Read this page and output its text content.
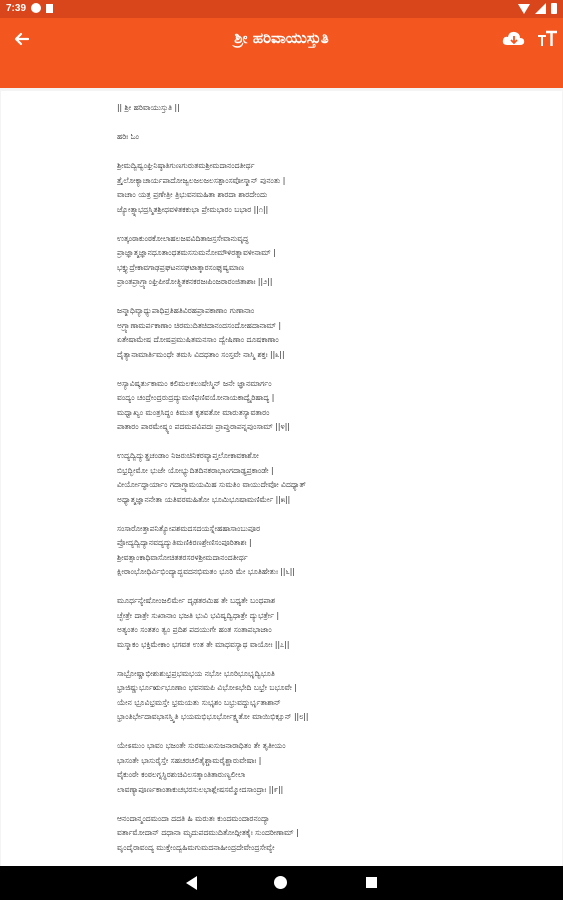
7:39
ಶ್ರೀ ಹರಿವಾಯುಸ್ತುತಿ
|| ಶ್ರೀ ಹರಿವಾಯುಸ್ತುತಿ ||
ಹರಿಃ ಓಂ
ಶ್ರೀಮದ್ವಿಷ್ವಂಘ್ರಿನಿಷ್ಠಾತಿಗುಣಗುರುತಮಶ್ರೀಮದಾನಂದತೀರ್ಥ
ತ್ರೈಲೋಕ್ಯಾಚಾರ್ಯಪಾದೋಜ್ವಲಜಲಜಲಸತ್ಪಾಂಸವೋಸ್ಮಾನ್ ಪುನಂತು |
ವಾಚಾಂ ಯತ್ರ ಪ್ರಣೇತ್ರೀ ತ್ರಿಭುವನಮಹಿತಾ ಶಾರದಾ ಶಾರದೇಂದು
ಜ್ಯೋತ್ಸ್ನಾಭದ್ರಸ್ಮಿತಶ್ರೀಧವಳಿತಕಕುಭಾ ಪ್ರೇಮಭಾರಂ ಬಭಾರ ||೧||
ಉತ್ಕಂಠಾಕುಂಠಕೋಲಾಹಲಜವವಿದಿತಾಜಸ್ರಸೇವಾನುವೃದ್ಧ
ಪ್ರಾಜ್ಞಾತ್ಮಜ್ಞಾನಧೂತಾಂಧತಮಸಸುಮನೋಮೌಳಿರತ್ನಾವಳೀನಾಮ್ |
ಭಕ್ತ್ಯುದ್ರೇಕಾವಗಾಢಪ್ರಘಟನಸಘಟಾತ್ಕಾರಸಂಘೃಷ್ಯಮಾಣ
ಪ್ರಾಂತಪ್ರಾಗ್ರ್ಯಾಂಘ್ರಿಪೀಠೋತ್ಥಿತಕನಕರಜಃಪಿಂಜರಾರಂಜಿತಾಶಾಃ ||೨||
ಜನ್ಮಾಧಿವ್ಯಾಧ್ಯುಪಾಧಿಪ್ರತಿಹತಿವಿರಹಪ್ರಾಪಕಾಣಾಂ ಗುಣಾನಾಂ
ಅಗ್ರ್ಯಾಣಾಮರ್ಪಕಾಣಾಂ ಚಿರಮುದಿತಚಿದಾನಂದಸಂದೋಹದಾನಾಮ್ |
ಏತೇಷಾಮೇಷ ದೋಷಪ್ರಮುಷಿತಮನಸಾಂ ದ್ವೇಷಿಣಾಂ ದೂಷಕಾಣಾಂ
ದೈತ್ಯಾನಾಮಾರ್ತಿಮಂಧೇ ತಮಸಿ ವಿದಧತಾಂ ಸಂಸ್ತವೇ ನಾಸ್ಮಿ ಶಕ್ತಃ ||೩||
ಅಸ್ಯಾವಿಷ್ಕರ್ತುಕಾಮಂ ಕಲಿಮಲಕಲುಷೇಸ್ಮಿನ್ ಜನೇ ಜ್ಞಾನಮಾರ್ಗಂ
ವಂದ್ಯಂ ಚಂದ್ರೇಂದ್ರರುದ್ರದ್ಯುಮಣಿಫಣಿವಯೋನಾಯಕಾದ್ಯೈರಿಹಾದ್ಯ |
ಮಧ್ವಾಖ್ಯಂ ಮಂತ್ರಸಿದ್ಧಂ ಕಿಮುತ ಕೃತವತೋ ಮಾರುತಸ್ಯಾವತಾರಂ
ಪಾತಾರಂ ಪಾರಮೇಷ್ಠ್ಯಂ ಪದಮಪವಿಪದಃ ಪ್ರಾಪ್ತುರಾಪನ್ನಪುಂಸಾಮ್ ||೪||
ಉದ್ಯದ್ವಿದ್ಯುತ್ಪ್ರಚಂಡಾಂ ನಿಜರುಚಿನಿಕರವ್ಯಾಪ್ತಲೋಕಾವಕಾಶೋ
ಬಿಭ್ರದ್ಭೀಮೋ ಭುಜೇ ಯೋಭ್ಯುದಿತದಿನಕರಾಭಾಂಗದಾಢ್ಯಪ್ರಕಾಂಡೇ |
ವೀರ್ಯೋದ್ಧಾರ್ಯಾಂ ಗದಾಗ್ರ್ಯಾಮಯಮಿಹ ಸುಮತಿಂ ವಾಯುದೇವೋ ವಿದಧ್ಯಾತ್
ಅಧ್ಯಾತ್ಮಜ್ಞಾನನೇತಾ ಯತಿವರಮಹಿತೋ ಭೂಮಿಭೂಷಾಮಣಿರ್ಮೇ ||೫||
ಸಂಸಾರೋತ್ತಾಪನಿತ್ಯೋಪಶಮದಸದಯಸ್ನೇಹಹಾಸಾಂಬುಪೂರ
ಪ್ರೋದ್ಯದ್ವಿದ್ಯಾನವದ್ಯದ್ಯುತಿಮಣಿಕಿರಣಶ್ರೇಣಿಸಂಪೂರಿತಾಶಃ |
ಶ್ರೀವತ್ಸಾಂಕಾಧಿವಾಸೋಚಿತತರಸರಳಶ್ರೀಮದಾನಂದತೀರ್ಥ
ಕ್ಷೀರಾಂಭೋಧಿರ್ವಿಭಿಂದ್ಯಾದ್ಭವದನಭಿಮತಂ ಭೂರಿ ಮೇ ಭೂತಿಹೇತುಃ ||೬||
ಮೂರ್ಧನ್ಯೇಷೋಂಜಲಿರ್ಮೇ ದೃಢತರಮಿಹ ತೇ ಬಧ್ಯತೇ ಬಂಧಪಾಶ
ಚ್ಛೇತ್ರೇ ದಾತ್ರೇ ಸುಖಾನಾಂ ಭಜತಿ ಭುವಿ ಭವಿಷ್ಯದ್ವಿಧಾತ್ರೇ ದ್ಯುಭರ್ತ್ರೇ |
ಅತ್ಯಂತಂ ಸಂತತಂ ತ್ವಂ ಪ್ರದಿಶ ಪದಯುಗೇ ಹಂತ ಸಂತಾಪಭಾಜಾಂ
ಮಸ್ಮಾಕಂ ಭಕ್ತಿಮೇಕಾಂ ಭಗವತ ಉತ ತೇ ಮಾಧವಸ್ಯಾಥ ವಾಯೋಃ ||೭||
ಸಾಭ್ರೋಷ್ಣಾಭೀಶುಶುಭ್ರಪ್ರಭಮಭಯ ನಭೋ ಭೂರಿಭೂಭೃದ್ವಿಭೂತಿ
ಭ್ರಾಜಿಷ್ಣುರ್ಭೂರ್ಋಭೂಣಾಂ ಭವನಮಪಿ ವಿಭೋಽಭೇದಿ ಬಭ್ರೇ ಬಭೂವೇ |
ಯೇನ ಭ್ರೂವಿಭ್ರಮಸ್ತೇ ಭ್ರಮಯತು ಸುಭೃಶಂ ಬಭ್ರುವದ್ದುರ್ಭೃತಾಶಾನ್
ಭ್ರಾಂತಿರ್ಭೇದಾವಭಾಸಸ್ತ್ವಿತಿ ಭಯಮಭಿಭೂರ್ಭೋಕ್ಷ್ಯತೋ ಮಾಯಿಭಿಕ್ಷೂನ್ ||೮||
ಯೇಽಮುಂ ಭಾವಂ ಭಜಂತೇ ಸುರಮುಖಸುಜನಾರಾಧಿತಂ ತೇ ತೃತೀಯಂ
ಭಾಸಂತೇ ಭಾಸುರೈಸ್ತೇ ಸಹಚರಚಲಿತೈಶ್ಚಾಮರೈಶ್ಚಾರುವೇಷಾಃ |
ವೈಕುಂಠೇ ಕಂಠಲಗ್ನಸ್ಥಿರಶುಚಿವಿಲಸತ್ಕಾಂತಿತಾರುಣ್ಯಲೀಲಾ
ಲಾವಣ್ಯಾಪೂರ್ಣಕಾಂತಾಕುಚಭರಸುಲಭಾಶ್ಲೇಷಸಮ್ಮೋದಸಾಂದ್ರಾಃ ||೯||
ಆನಂದಾನ್ಮಂದಮಂದಾ ದದತಿ ಹಿ ಮರುತಃ ಕುಂದಮಂದಾರನಂದ್ಯಾ
ವರ್ತಾಮೋದಾನ್ ದಧಾನಾ ಮೃದುಪದಮುದಿತೋದ್ಗೀತಕೈಃ ಸುಂದರೀಣಾಮ್ |
ವೃಂದೈರಾವಂದ್ಯ ಮುಕ್ತೇಂದ್ವಹಿಮಗುಮದನಾಹೀಂದ್ರದೇವೇಂದ್ರಸೇವ್ಯೇ
